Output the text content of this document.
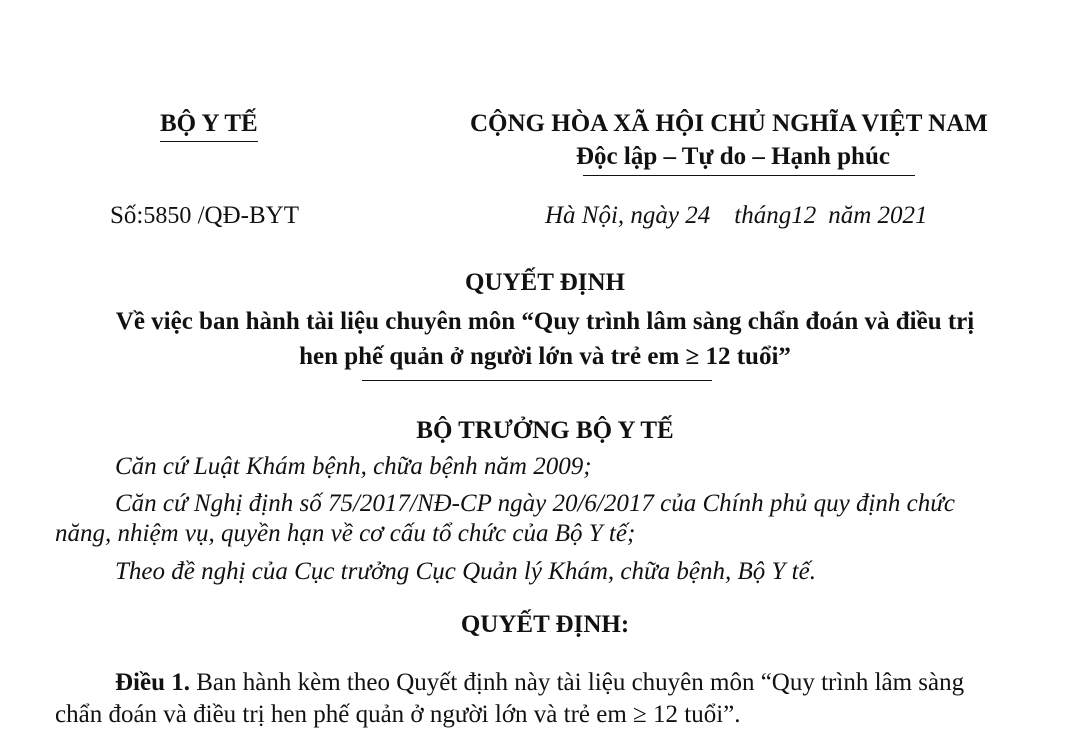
BỘ Y TẾ	CỘNG HÒA XÃ HỘI CHỦ NGHĨA VIỆT NAM
Độc lập – Tự do – Hạnh phúc
Số:5850 /QĐ-BYT	Hà Nội, ngày 24 tháng12 năm 2021
QUYẾT ĐỊNH
Về việc ban hành tài liệu chuyên môn “Quy trình lâm sàng chẩn đoán và điều trị
hen phế quản ở người lớn và trẻ em ≥ 12 tuổi”
BỘ TRƯỞNG BỘ Y TẾ
Căn cứ Luật Khám bệnh, chữa bệnh năm 2009;
Căn cứ Nghị định số 75/2017/NĐ-CP ngày 20/6/2017 của Chính phủ quy định chức
năng, nhiệm vụ, quyền hạn về cơ cấu tổ chức của Bộ Y tế;
Theo đề nghị của Cục trưởng Cục Quản lý Khám, chữa bệnh, Bộ Y tế.
QUYẾT ĐỊNH:
Điều 1. Ban hành kèm theo Quyết định này tài liệu chuyên môn “Quy trình lâm sàng
chẩn đoán và điều trị hen phế quản ở người lớn và trẻ em ≥ 12 tuổi”.
